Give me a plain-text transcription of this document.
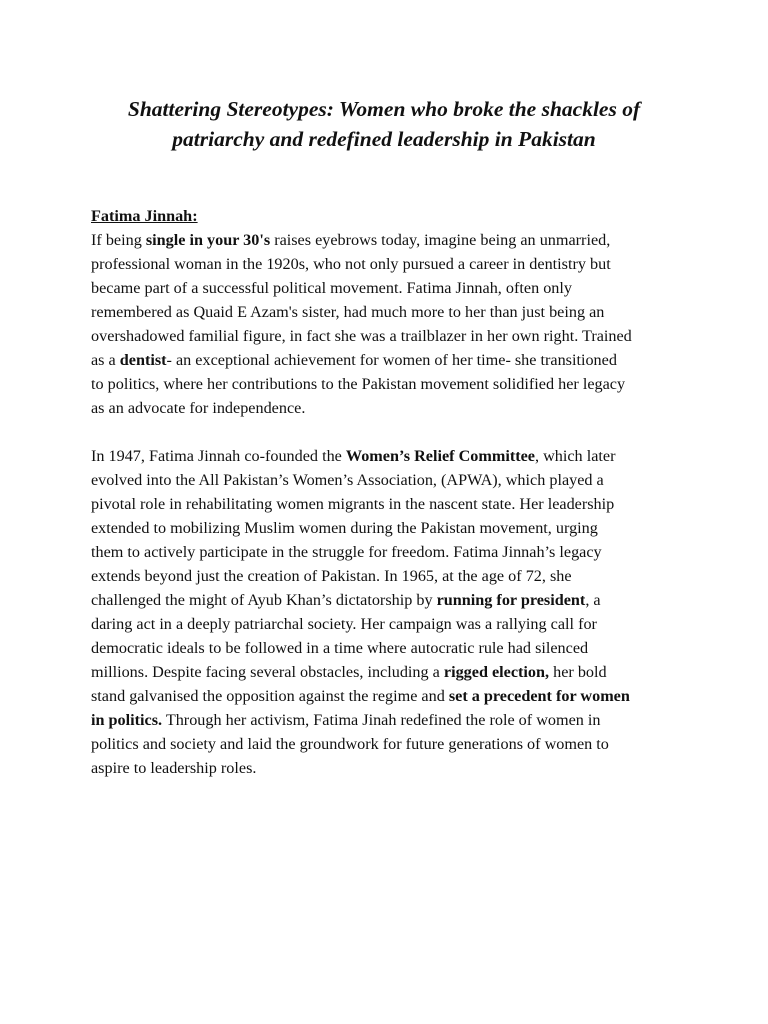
Shattering Stereotypes: Women who broke the shackles of
patriarchy and redefined leadership in Pakistan
Fatima Jinnah:

If being single in your 30's raises eyebrows today, imagine being an unmarried,
professional woman in the 1920s, who not only pursued a career in dentistry but
became part of a successful political movement. Fatima Jinnah, often only
remembered as Quaid E Azam's sister, had much more to her than just being an
overshadowed familial figure, in fact she was a trailblazer in her own right. Trained
as a dentist- an exceptional achievement for women of her time- she transitioned
to politics, where her contributions to the Pakistan movement solidified her legacy
as an advocate for independence.

In 1947, Fatima Jinnah co-founded the Women’s Relief Committee, which later
evolved into the All Pakistan’s Women’s Association, (APWA), which played a
pivotal role in rehabilitating women migrants in the nascent state. Her leadership
extended to mobilizing Muslim women during the Pakistan movement, urging
them to actively participate in the struggle for freedom. Fatima Jinnah’s legacy
extends beyond just the creation of Pakistan. In 1965, at the age of 72, she
challenged the might of Ayub Khan’s dictatorship by running for president, a
daring act in a deeply patriarchal society. Her campaign was a rallying call for
democratic ideals to be followed in a time where autocratic rule had silenced
millions. Despite facing several obstacles, including a rigged election, her bold
stand galvanised the opposition against the regime and set a precedent for women
in politics. Through her activism, Fatima Jinah redefined the role of women in
politics and society and laid the groundwork for future generations of women to
aspire to leadership roles.
